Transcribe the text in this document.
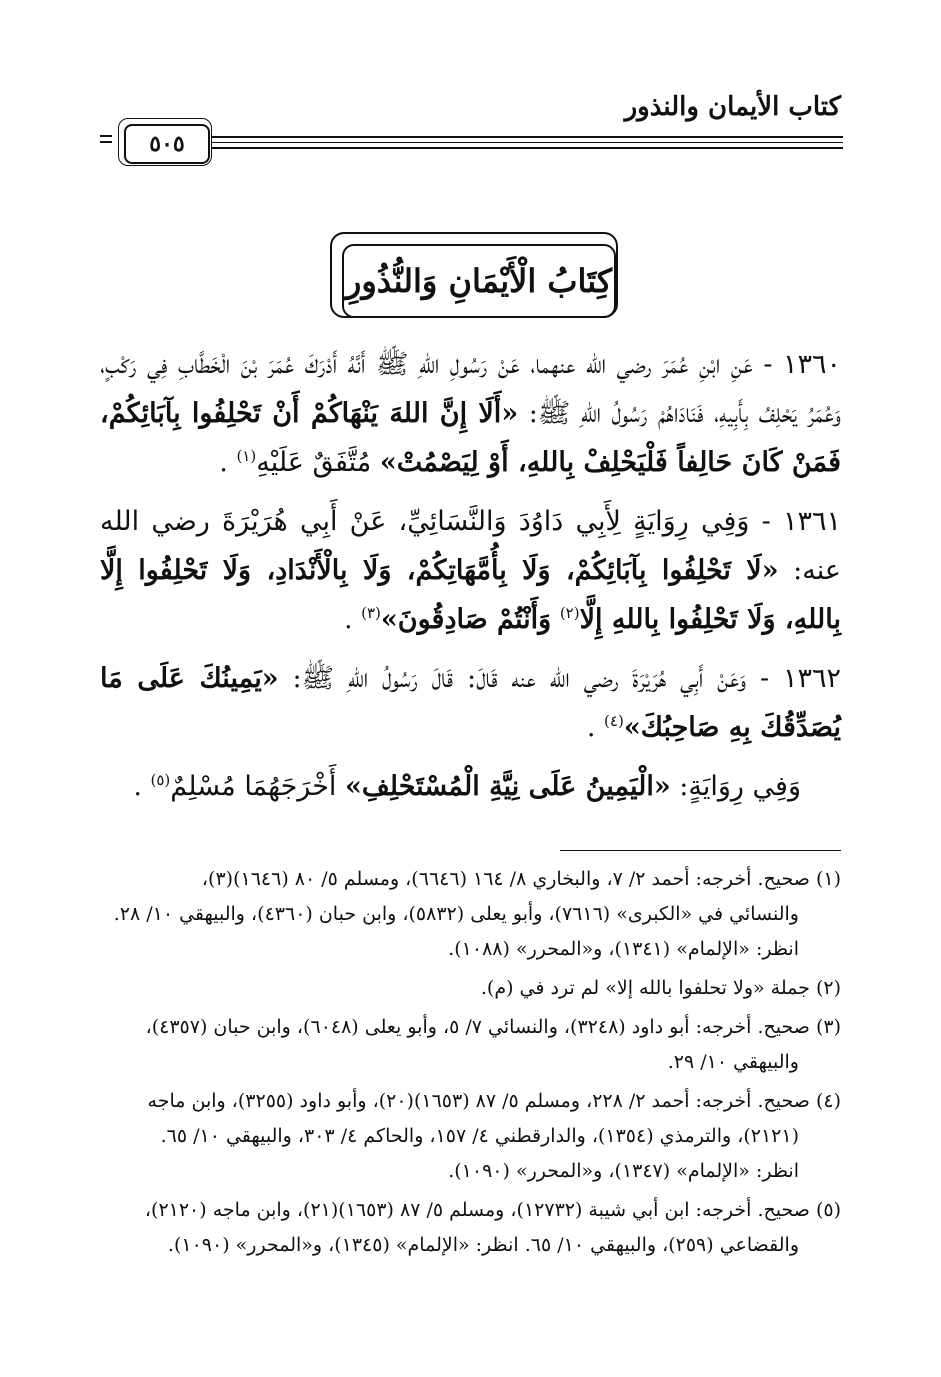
كتاب الأيمان والنذور
٥٠٥
كِتَابُ الْأَيْمَانِ وَالنُّذُورِ

١٣٦٠ - عَنِ ابْنِ عُمَرَ رضي الله عنهما، عَنْ رَسُولِ اللهِ ﷺ أَنَّهُ أَدْرَكَ عُمَرَ بْنَ الْخَطَّابِ فِي رَكْبٍ، وَعُمَرُ يَحْلِفُ بِأَبِيهِ، فَنَادَاهُمْ رَسُولُ اللهِ ﷺ: «أَلَا إِنَّ اللهَ يَنْهَاكُمْ أَنْ تَحْلِفُوا بِآبَائِكُمْ، فَمَنْ كَانَ حَالِفاً فَلْيَحْلِفْ بِاللهِ، أَوْ لِيَصْمُتْ» مُتَّفَقٌ عَلَيْهِ$^{(١)}$ .

١٣٦١ - وَفِي رِوَايَةٍ لِأَبِي دَاوُدَ وَالنَّسَائِيِّ، عَنْ أَبِي هُرَيْرَةَ رضي الله عنه: «لَا تَحْلِفُوا بِآبَائِكُمْ، وَلَا بِأُمَّهَاتِكُمْ، وَلَا بِالْأَنْدَادِ، وَلَا تَحْلِفُوا إِلَّا بِاللهِ، وَلَا تَحْلِفُوا بِاللهِ إِلَّا$^{(٢)}$ وَأَنْتُمْ صَادِقُونَ»$^{(٣)}$ .

١٣٦٢ - وَعَنْ أَبِي هُرَيْرَةَ رضي الله عنه قَالَ: قَالَ رَسُولُ اللهِ ﷺ: «يَمِينُكَ عَلَى مَا يُصَدِّقُكَ بِهِ صَاحِبُكَ»$^{(٤)}$ .

وَفِي رِوَايَةٍ: «الْيَمِينُ عَلَى نِيَّةِ الْمُسْتَحْلِفِ» أَخْرَجَهُمَا مُسْلِمٌ$^{(٥)}$ .

(١) صحيح. أخرجه: أحمد ٢/ ٧، والبخاري ٨/ ١٦٤ (٦٦٤٦)، ومسلم ٥/ ٨٠ (١٦٤٦)(٣)،
والنسائي في «الكبرى» (٧٦١٦)، وأبو يعلى (٥٨٣٢)، وابن حبان (٤٣٦٠)، والبيهقي ١٠/ ٢٨.
انظر: «الإلمام» (١٣٤١)، و«المحرر» (١٠٨٨).
(٢) جملة «ولا تحلفوا بالله إلا» لم ترد في (م).
(٣) صحيح. أخرجه: أبو داود (٣٢٤٨)، والنسائي ٧/ ٥، وأبو يعلى (٦٠٤٨)، وابن حبان (٤٣٥٧)،
والبيهقي ١٠/ ٢٩.
(٤) صحيح. أخرجه: أحمد ٢/ ٢٢٨، ومسلم ٥/ ٨٧ (١٦٥٣)(٢٠)، وأبو داود (٣٢٥٥)، وابن ماجه
(٢١٢١)، والترمذي (١٣٥٤)، والدارقطني ٤/ ١٥٧، والحاكم ٤/ ٣٠٣، والبيهقي ١٠/ ٦٥.
انظر: «الإلمام» (١٣٤٧)، و«المحرر» (١٠٩٠).
(٥) صحيح. أخرجه: ابن أبي شيبة (١٢٧٣٢)، ومسلم ٥/ ٨٧ (١٦٥٣)(٢١)، وابن ماجه (٢١٢٠)،
والقضاعي (٢٥٩)، والبيهقي ١٠/ ٦٥. انظر: «الإلمام» (١٣٤٥)، و«المحرر» (١٠٩٠).
